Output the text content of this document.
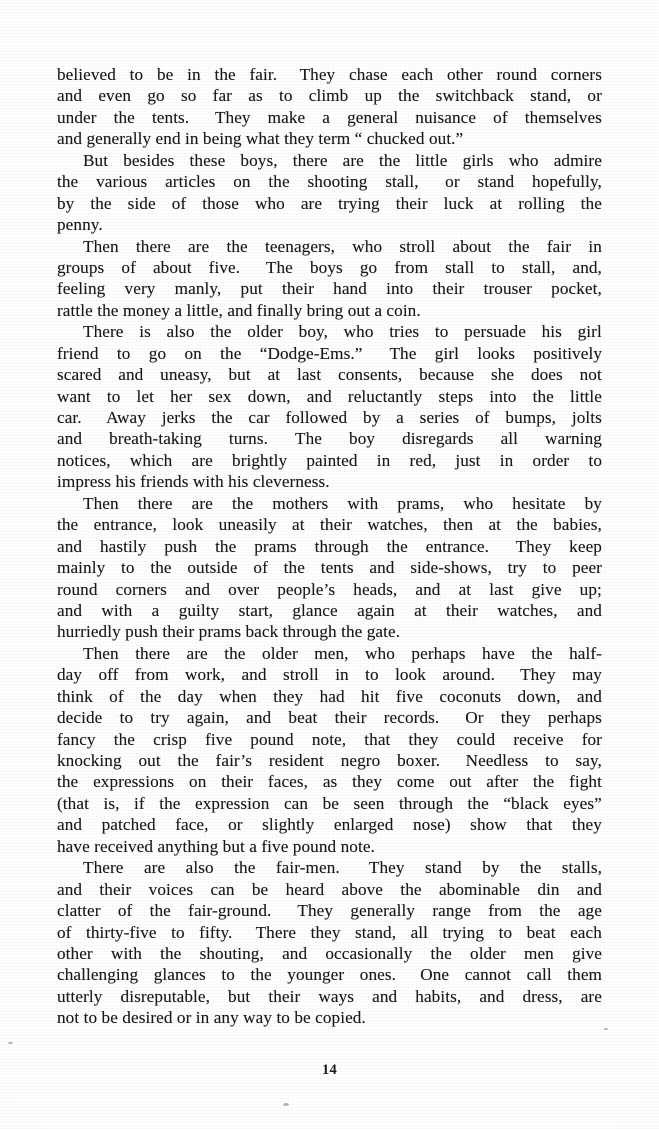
believed to be in the fair.  They chase each other round corners
and even go so far as to climb up the switchback stand, or
under the tents.  They make a general nuisance of themselves
and generally end in being what they term “ chucked out.”
But besides these boys, there are the little girls who admire
the various articles on the shooting stall,  or stand hopefully,
by the side of those who are trying their luck at rolling the
penny.
Then there are the teenagers, who stroll about the fair in
groups of about five.  The boys go from stall to stall, and,
feeling very manly, put their hand into their trouser pocket,
rattle the money a little, and finally bring out a coin.
There is also the older boy, who tries to persuade his girl
friend to go on the “Dodge-Ems.”  The girl looks positively
scared and uneasy, but at last consents, because she does not
want to let her sex down, and reluctantly steps into the little
car.  Away jerks the car followed by a series of bumps, jolts
and breath-taking turns. The boy disregards all warning
notices, which are brightly painted in red, just in order to
impress his friends with his cleverness.
Then there are the mothers with prams, who hesitate by
the entrance, look uneasily at their watches, then at the babies,
and hastily push the prams through the entrance.  They keep
mainly to the outside of the tents and side-shows, try to peer
round corners and over people’s heads, and at last give up;
and with a guilty start, glance again at their watches, and
hurriedly push their prams back through the gate.
Then there are the older men, who perhaps have the half-
day off from work, and stroll in to look around.  They may
think of the day when they had hit five coconuts down, and
decide to try again, and beat their records.  Or they perhaps
fancy the crisp five pound note, that they could receive for
knocking out the fair’s resident negro boxer.  Needless to say,
the expressions on their faces, as they come out after the fight
(that is, if the expression can be seen through the “black eyes”
and patched face, or slightly enlarged nose) show that they
have received anything but a five pound note.
There are also the fair-men.  They stand by the stalls,
and their voices can be heard above the abominable din and
clatter of the fair-ground.  They generally range from the age
of thirty-five to fifty.  There they stand, all trying to beat each
other with the shouting, and occasionally the older men give
challenging glances to the younger ones.  One cannot call them
utterly disreputable, but their ways and habits, and dress, are
not to be desired or in any way to be copied.
14
